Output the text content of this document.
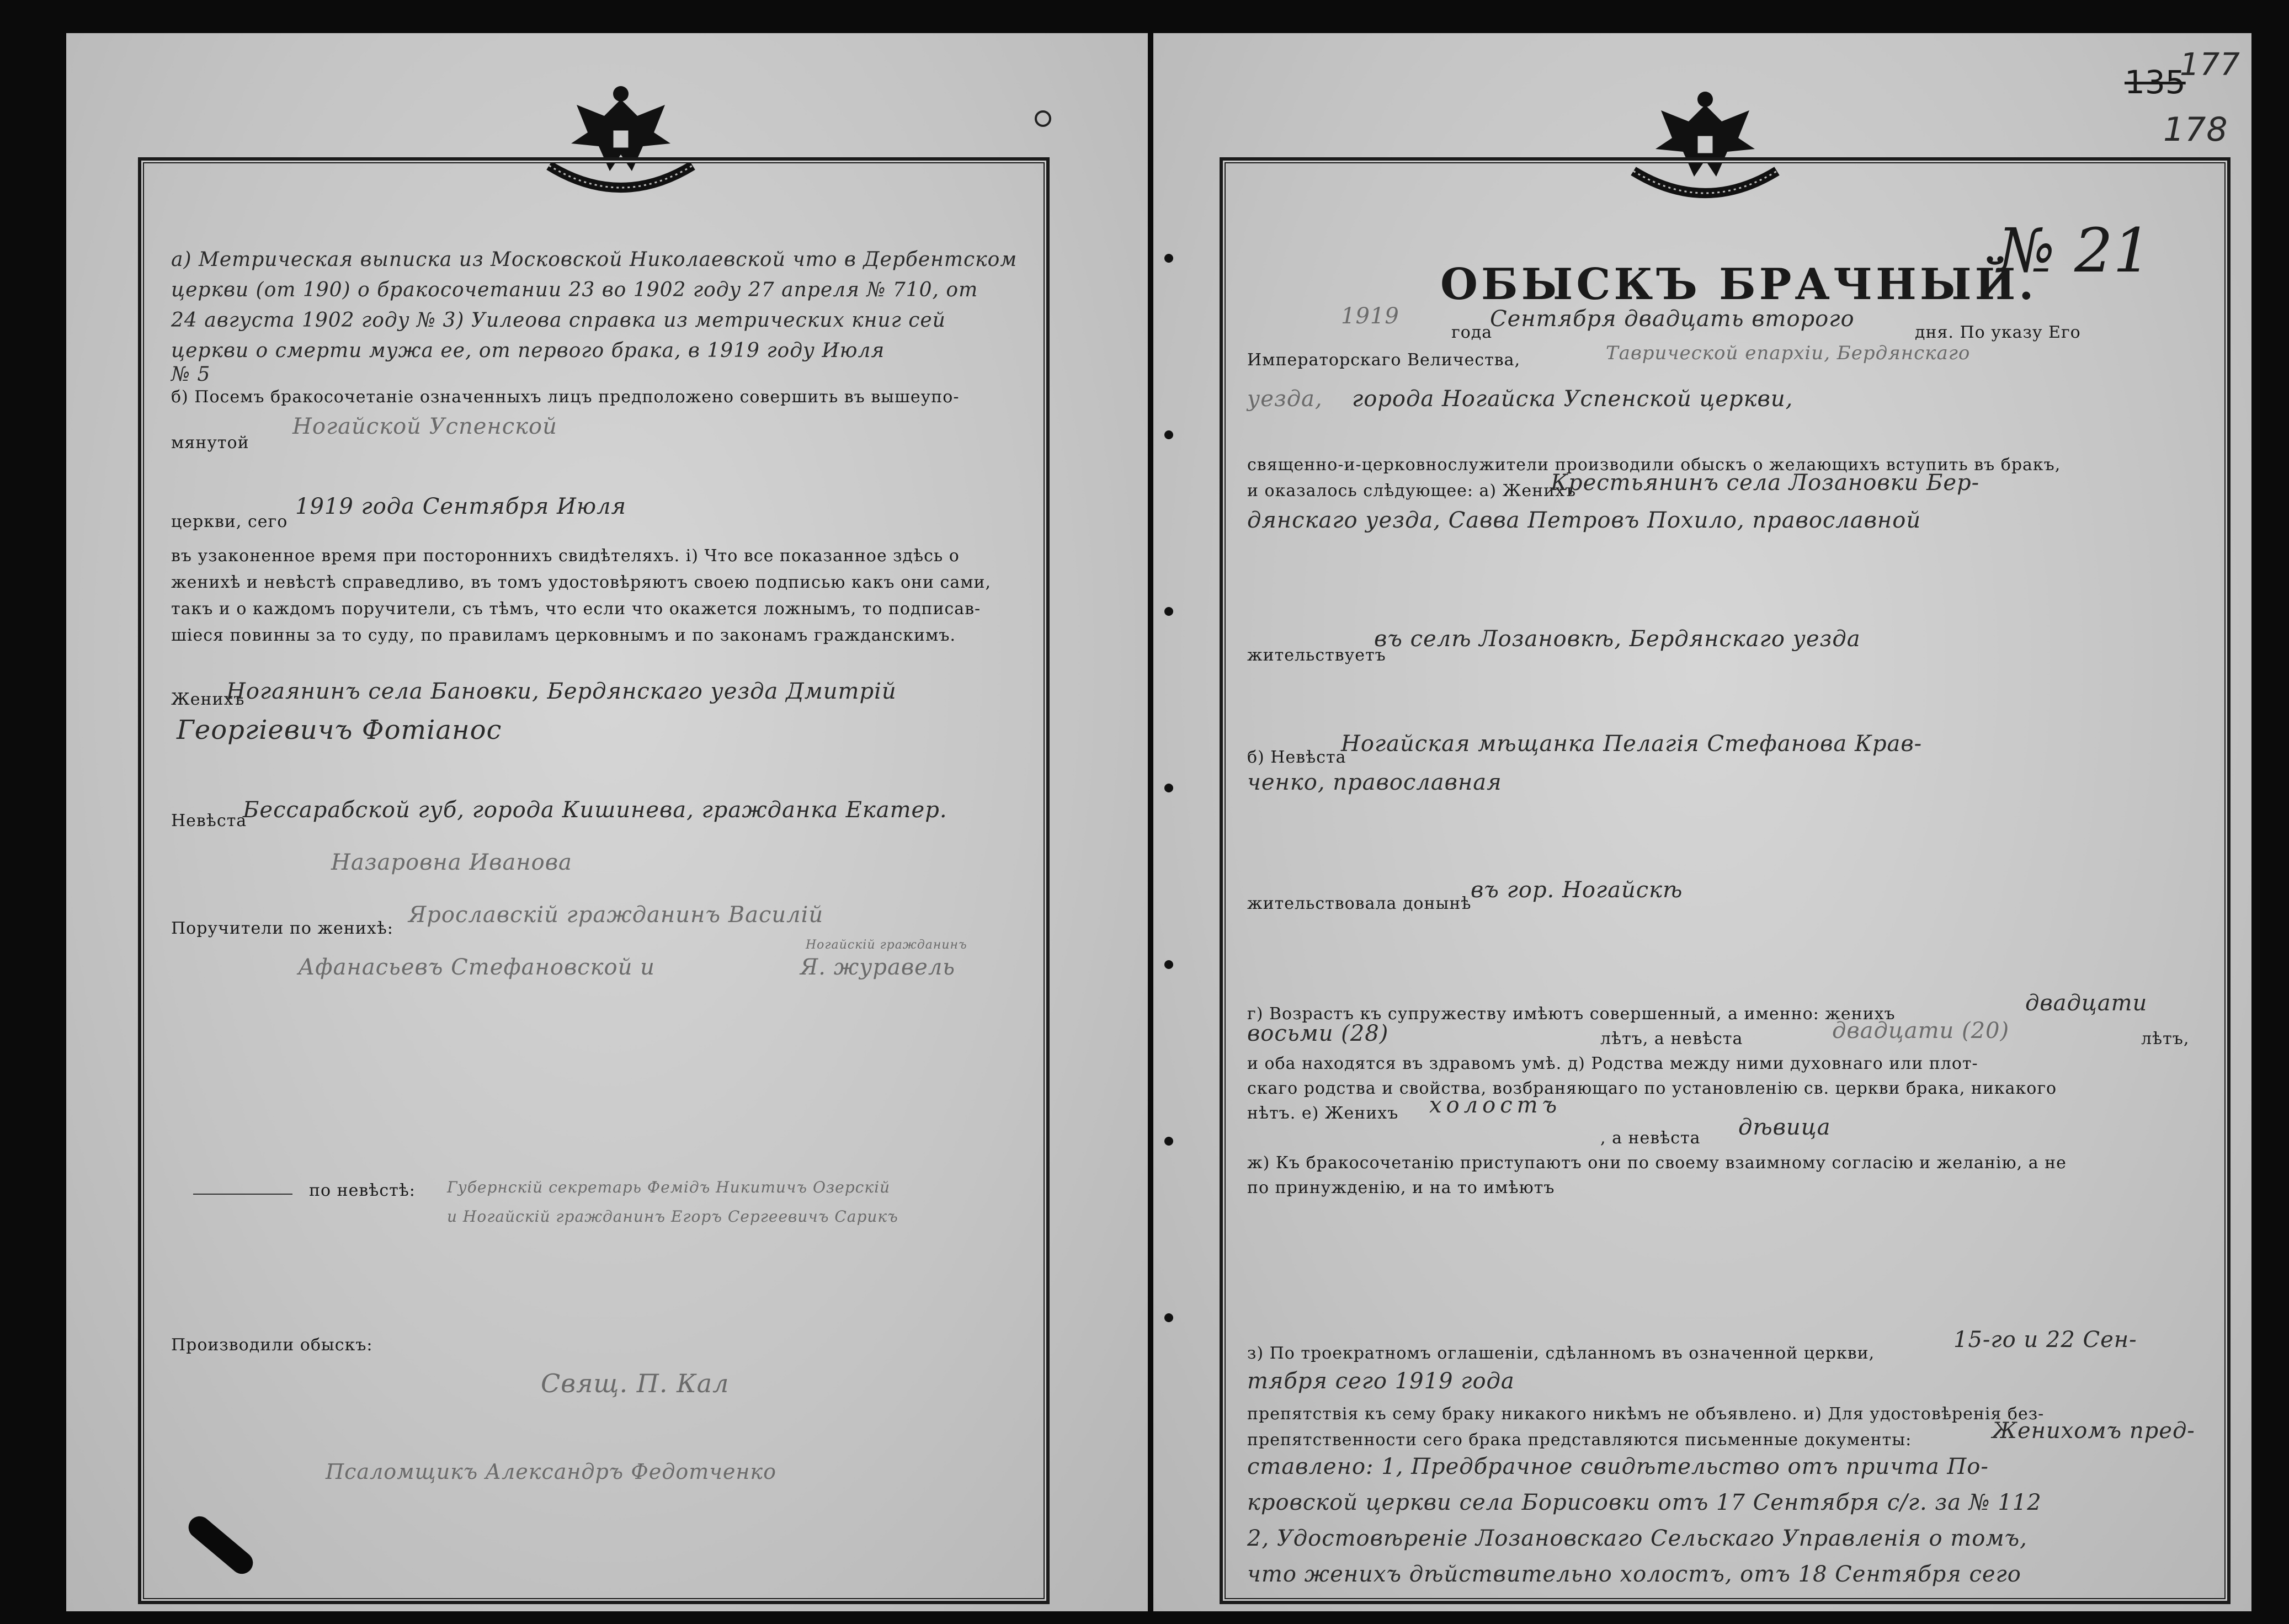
а) Метрическая выписка из Московской Николаевской что в Дербентском
церкви (от 190) о бракосочетании 23 во 1902 году 27 апреля № 710, от
24 августа 1902 году № 3) Уилеова справка из метрических книг сей
церкви о смерти мужа ее, от первого брака, в 1919 году Июля
№ 5
б) Посемъ бракосочетанiе означенныхъ лицъ предположено совершить въ вышеупо-
мянутой
Ногайской Успенской
церкви, сего
1919 года Сентября Июля
въ узаконенное время при постороннихъ свидѣтеляхъ. i) Что все показанное здѣсь о
женихѣ и невѣстѣ справедливо, въ томъ удостовѣряютъ своею подписью какъ они сами,
такъ и о каждомъ поручители, съ тѣмъ, что если что окажется ложнымъ, то подписав-
шiеся повинны за то суду, по правиламъ церковнымъ и по законамъ гражданскимъ.
Женихъ
Ногаянинъ села Бановки, Бердянскаго уезда Дмитрiй
Георгiевичъ Фотiанос
Невѣста
Бессарабской губ, города Кишинева, гражданка Екатер.
Назаровна Иванова
Поручители по женихѣ:
Ярославскiй гражданинъ Василiй
Ногайскiй гражданинъ
Афанасьевъ Стефановской и	Я. журавель
по невѣстѣ: Губернскiй секретарь Фемiдъ Никитичъ Озерскiй
и Ногайскiй гражданинъ Егоръ Сергеевичъ Сарикъ
Производили обыскъ:
Свящ. П. Кал
Псаломщикъ Александръ Федотченко
135
177
178
ОБЫСКЪ БРАЧНЫЙ.
№ 21
1919
года
Сентября двадцать второго
дня. По указу Его
Императорскаго Величества,	Таврической епархiи, Бердянскаго
уезда, города Ногайска Успенской церкви,
священно-и-церковнослужители производили обыскъ о желающихъ вступить въ бракъ,
и оказалось слѣдующее: а) Женихъ
Крестьянинъ села Лозановки Бер-
дянскаго уезда, Савва Петровъ Похило, православной
жительствуетъ
въ селѣ Лозановкѣ, Бердянскаго уезда
б) Невѣста
Ногайская мѣщанка Пелагiя Стефанова Крав-
ченко, православная
жительствовала донынѣ
въ гор. Ногайскѣ
г) Возрастъ къ супружеству имѣютъ совершенный, а именно: женихъ	двадцати
восьми (28)	лѣтъ, а невѣста	двадцати (20)	лѣтъ,
и оба находятся въ здравомъ умѣ. д) Родства между ними духовнаго или плот-
скаго родства и свойства, возбраняющаго по установленiю св. церкви брака, никакого
нѣтъ. е) Женихъ холостъ
, а невѣста дѣвица
ж) Къ бракосочетанiю приступаютъ они по своему взаимному согласiю и желанiю, а не
по принужденiю, и на то имѣютъ
з) По троекратномъ оглашенiи, сдѣланномъ въ означенной церкви,
15-го и 22 Сен-
тября сего 1919 года
препятствiя къ сему браку никакого никѣмъ не объявлено. и) Для удостовѣренiя без-
препятственности сего брака представляются письменные документы:	Женихомъ пред-
ставлено: 1, Предбрачное свидѣтельство отъ причта По-
кровской церкви села Борисовки отъ 17 Сентября с/г. за № 112
2, Удостовѣренiе Лозановскаго Сельскаго Управленiя о томъ,
что женихъ дѣйствительно холостъ, отъ 18 Сентября сего
